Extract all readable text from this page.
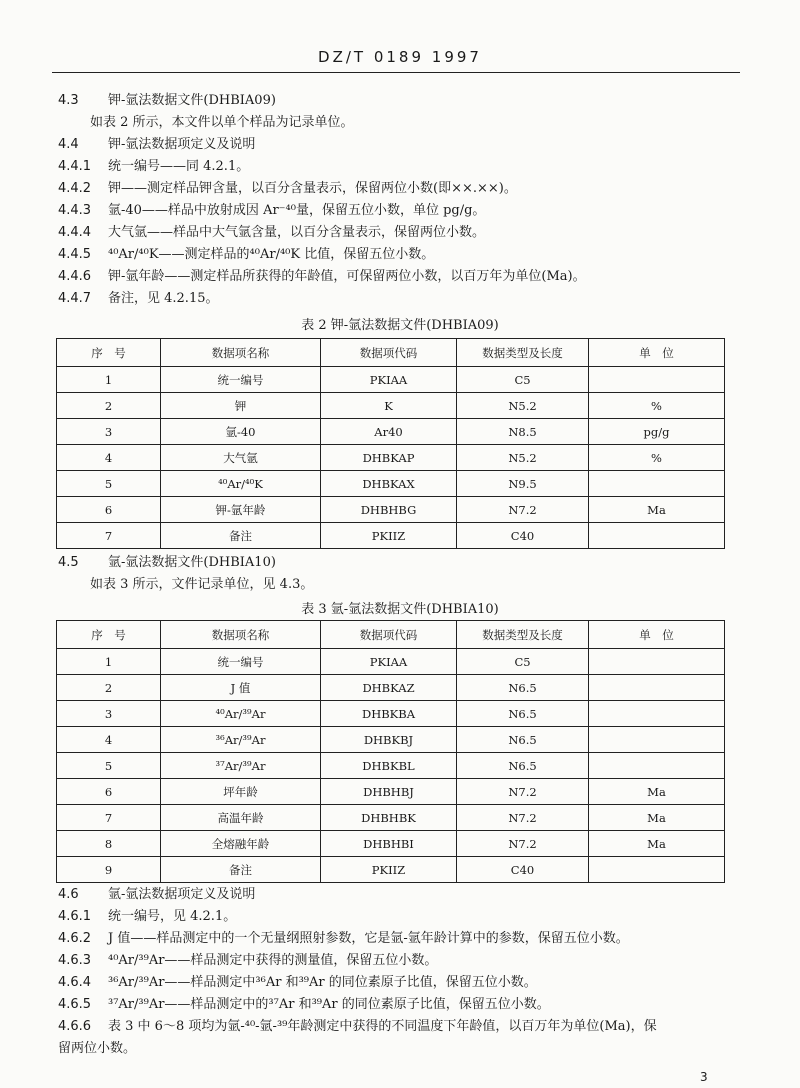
DZ/T 0189 1997
4.3 钾-氩法数据文件(DHBIA09)
如表 2 所示，本文件以单个样品为记录单位。
4.4 钾-氩法数据项定义及说明
4.4.1 统一编号——同 4.2.1。
4.4.2 钾——测定样品钾含量，以百分含量表示，保留两位小数(即××.××)。
4.4.3 氩-40——样品中放射成因 Ar⁻⁴⁰量，保留五位小数，单位 pg/g。
4.4.4 大气氩——样品中大气氩含量，以百分含量表示，保留两位小数。
4.4.5 ⁴⁰Ar/⁴⁰K——测定样品的⁴⁰Ar/⁴⁰K 比值，保留五位小数。
4.4.6 钾-氩年龄——测定样品所获得的年龄值，可保留两位小数，以百万年为单位(Ma)。
4.4.7 备注，见 4.2.15。
表 2 钾-氩法数据文件(DHBIA09)
序　号	数据项名称	数据项代码	数据类型及长度	单　位
1	统一编号	PKIAA	C5	
2	钾	K	N5.2	%
3	氩-40	Ar40	N8.5	pg/g
4	大气氩	DHBKAP	N5.2	%
5	⁴⁰Ar/⁴⁰K	DHBKAX	N9.5	
6	钾-氩年龄	DHBHBG	N7.2	Ma
7	备注	PKIIZ	C40	
4.5 氩-氩法数据文件(DHBIA10)
如表 3 所示，文件记录单位，见 4.3。
表 3 氩-氩法数据文件(DHBIA10)
序　号	数据项名称	数据项代码	数据类型及长度	单　位
1	统一编号	PKIAA	C5	
2	J 值	DHBKAZ	N6.5	
3	⁴⁰Ar/³⁹Ar	DHBKBA	N6.5	
4	³⁶Ar/³⁹Ar	DHBKBJ	N6.5	
5	³⁷Ar/³⁹Ar	DHBKBL	N6.5	
6	坪年龄	DHBHBJ	N7.2	Ma
7	高温年龄	DHBHBK	N7.2	Ma
8	全熔融年龄	DHBHBI	N7.2	Ma
9	备注	PKIIZ	C40	
4.6 氩-氩法数据项定义及说明
4.6.1 统一编号，见 4.2.1。
4.6.2 J 值——样品测定中的一个无量纲照射参数，它是氩-氩年龄计算中的参数，保留五位小数。
4.6.3 ⁴⁰Ar/³⁹Ar——样品测定中获得的测量值，保留五位小数。
4.6.4 ³⁶Ar/³⁹Ar——样品测定中³⁶Ar 和³⁹Ar 的同位素原子比值，保留五位小数。
4.6.5 ³⁷Ar/³⁹Ar——样品测定中的³⁷Ar 和³⁹Ar 的同位素原子比值，保留五位小数。
4.6.6 表 3 中 6～8 项均为氩-⁴⁰-氩-³⁹年龄测定中获得的不同温度下年龄值，以百万年为单位(Ma)，保
留两位小数。
3
